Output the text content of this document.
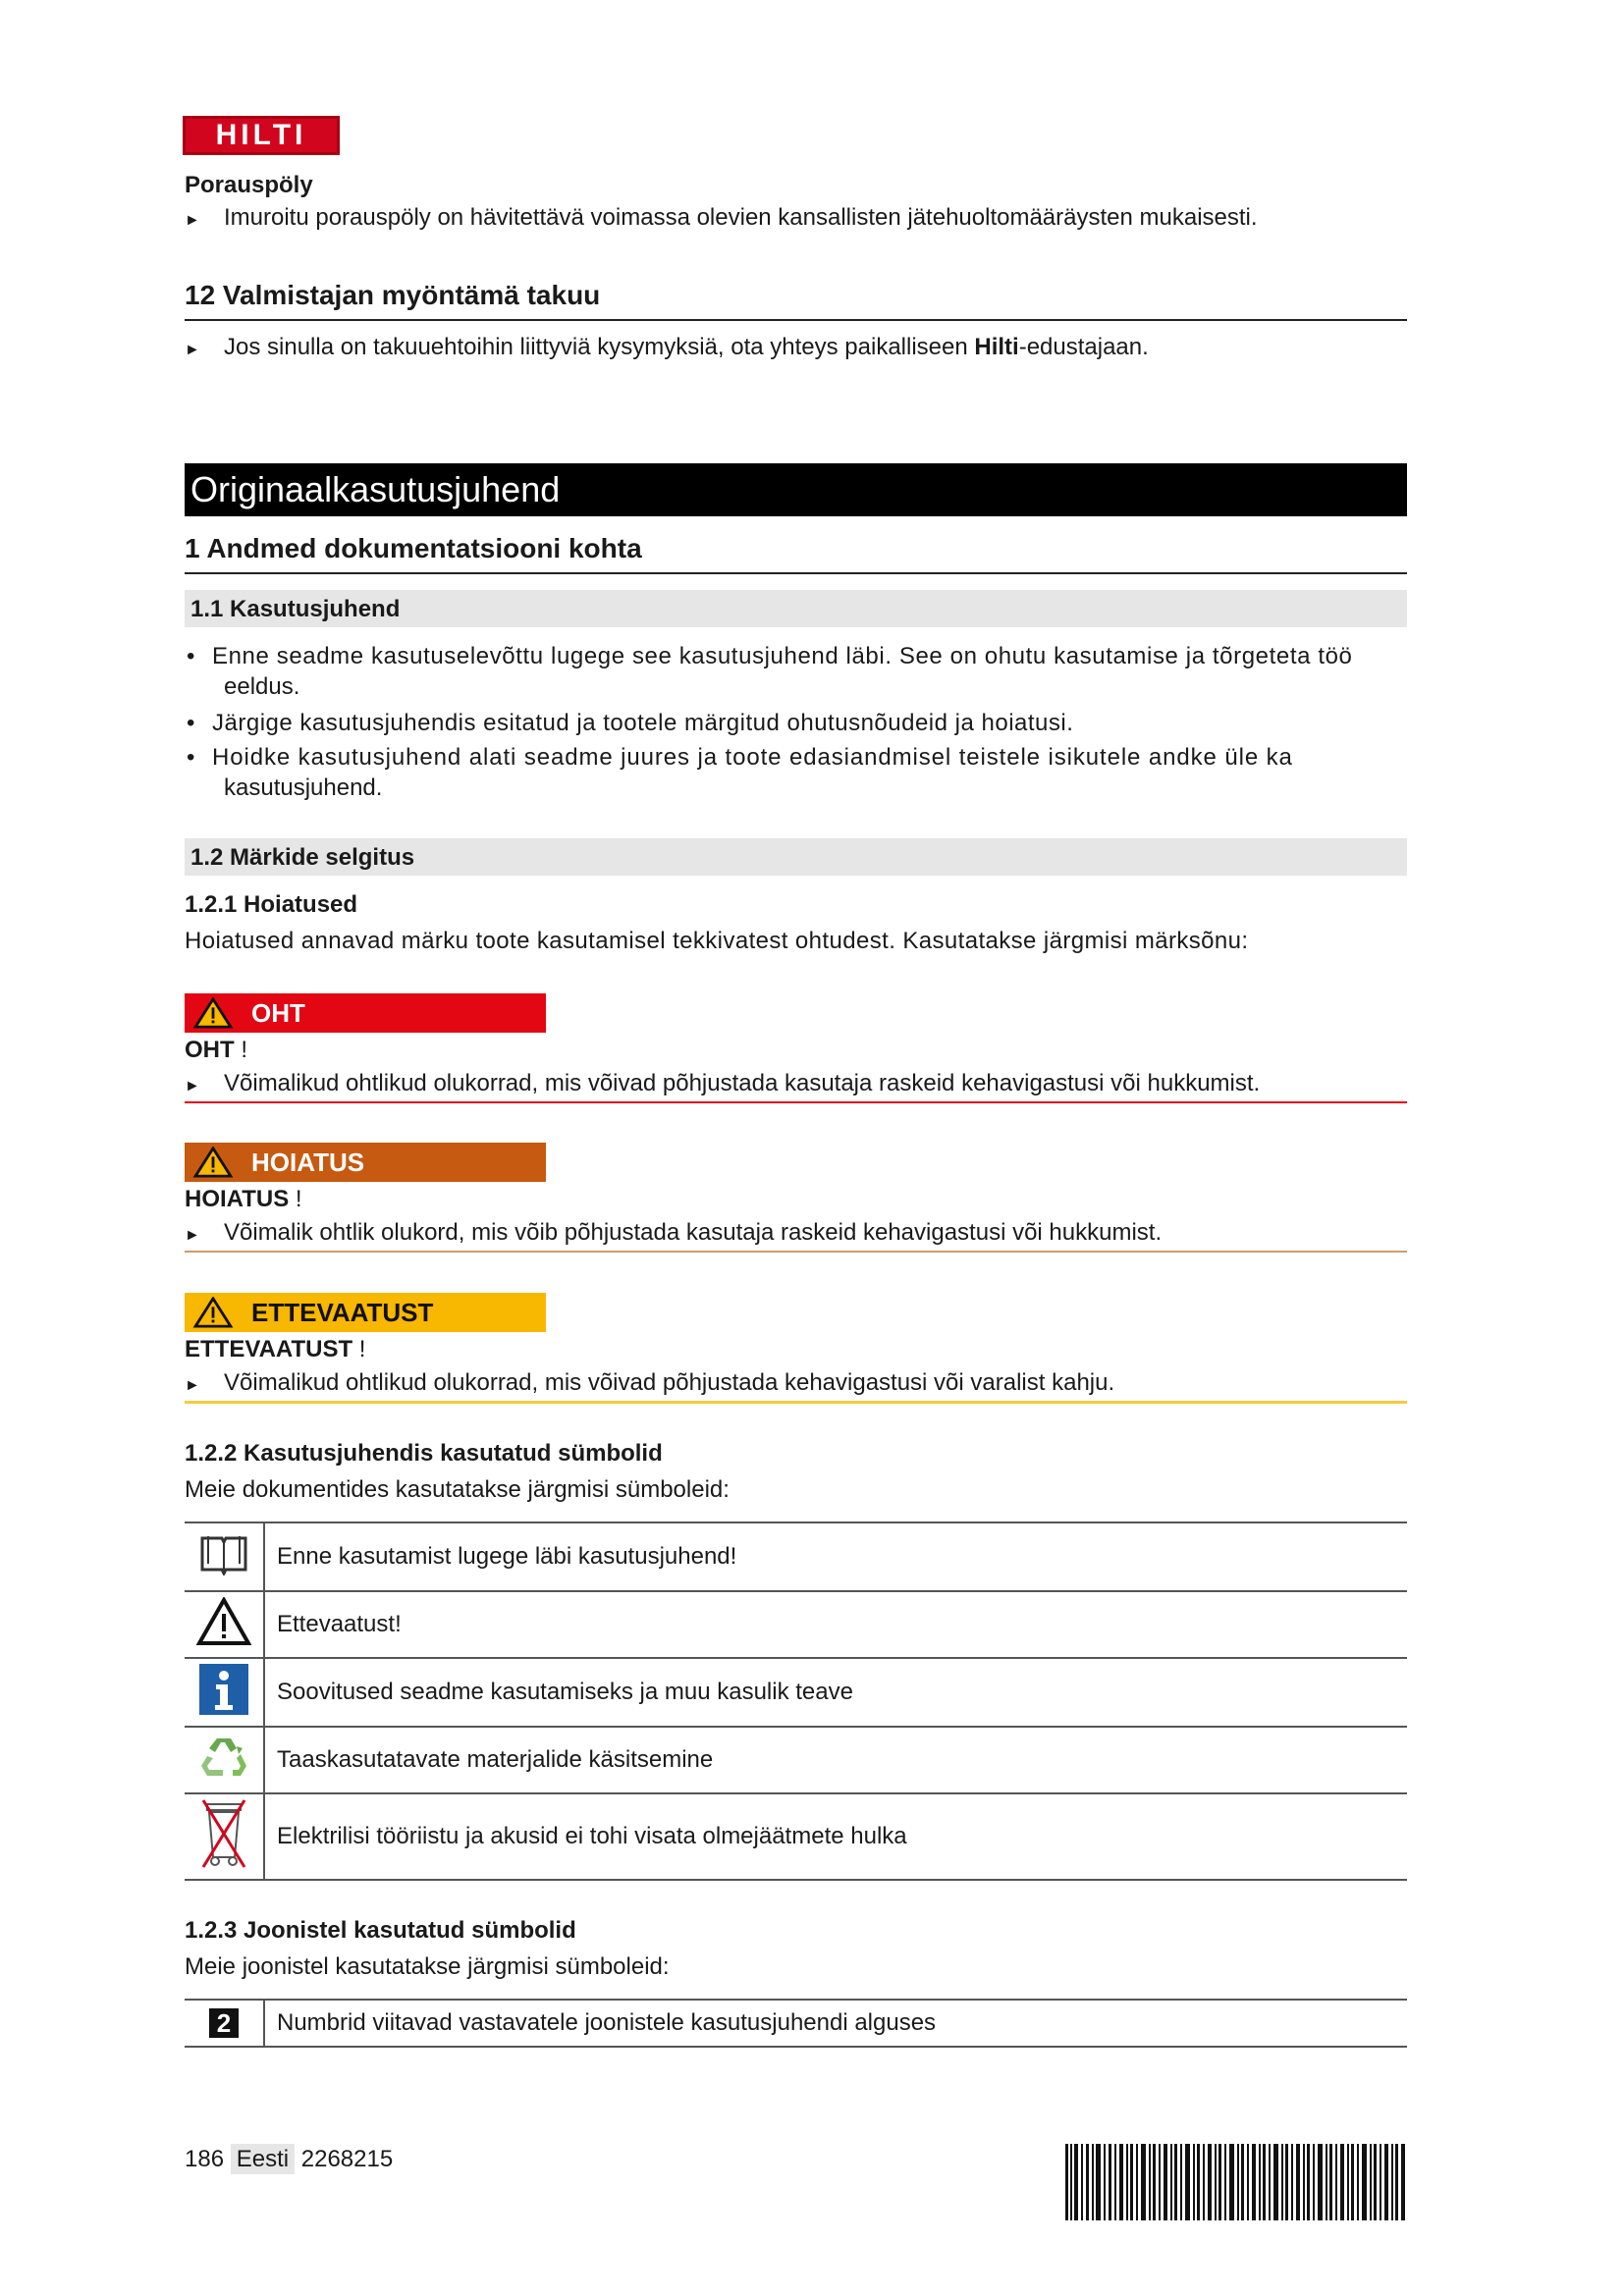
HILTI
Porauspöly
► Imuroitu porauspöly on hävitettävä voimassa olevien kansallisten jätehuoltomääräysten mukaisesti.
12 Valmistajan myöntämä takuu
► Jos sinulla on takuuehtoihin liittyviä kysymyksiä, ota yhteys paikalliseen Hilti-edustajaan.
Originaalkasutusjuhend
1 Andmed dokumentatsiooni kohta
1.1 Kasutusjuhend
• Enne seadme kasutuselevõttu lugege see kasutusjuhend läbi. See on ohutu kasutamise ja tõrgeteta töö
eeldus.
• Järgige kasutusjuhendis esitatud ja tootele märgitud ohutusnõudeid ja hoiatusi.
• Hoidke kasutusjuhend alati seadme juures ja toote edasiandmisel teistele isikutele andke üle ka
kasutusjuhend.
1.2 Märkide selgitus
1.2.1 Hoiatused
Hoiatused annavad märku toote kasutamisel tekkivatest ohtudest. Kasutatakse järgmisi märksõnu:
OHT
OHT !
► Võimalikud ohtlikud olukorrad, mis võivad põhjustada kasutaja raskeid kehavigastusi või hukkumist.
HOIATUS
HOIATUS !
► Võimalik ohtlik olukord, mis võib põhjustada kasutaja raskeid kehavigastusi või hukkumist.
ETTEVAATUST
ETTEVAATUST !
► Võimalikud ohtlikud olukorrad, mis võivad põhjustada kehavigastusi või varalist kahju.
1.2.2 Kasutusjuhendis kasutatud sümbolid
Meie dokumentides kasutatakse järgmisi sümboleid:
	Enne kasutamist lugege läbi kasutusjuhend!
	Ettevaatust!
	Soovitused seadme kasutamiseks ja muu kasulik teave
	Taaskasutatavate materjalide käsitsemine
	Elektrilisi tööriistu ja akusid ei tohi visata olmejäätmete hulka
1.2.3 Joonistel kasutatud sümbolid
Meie joonistel kasutatakse järgmisi sümboleid:
2	Numbrid viitavad vastavatele joonistele kasutusjuhendi alguses
186 Eesti 2268215
